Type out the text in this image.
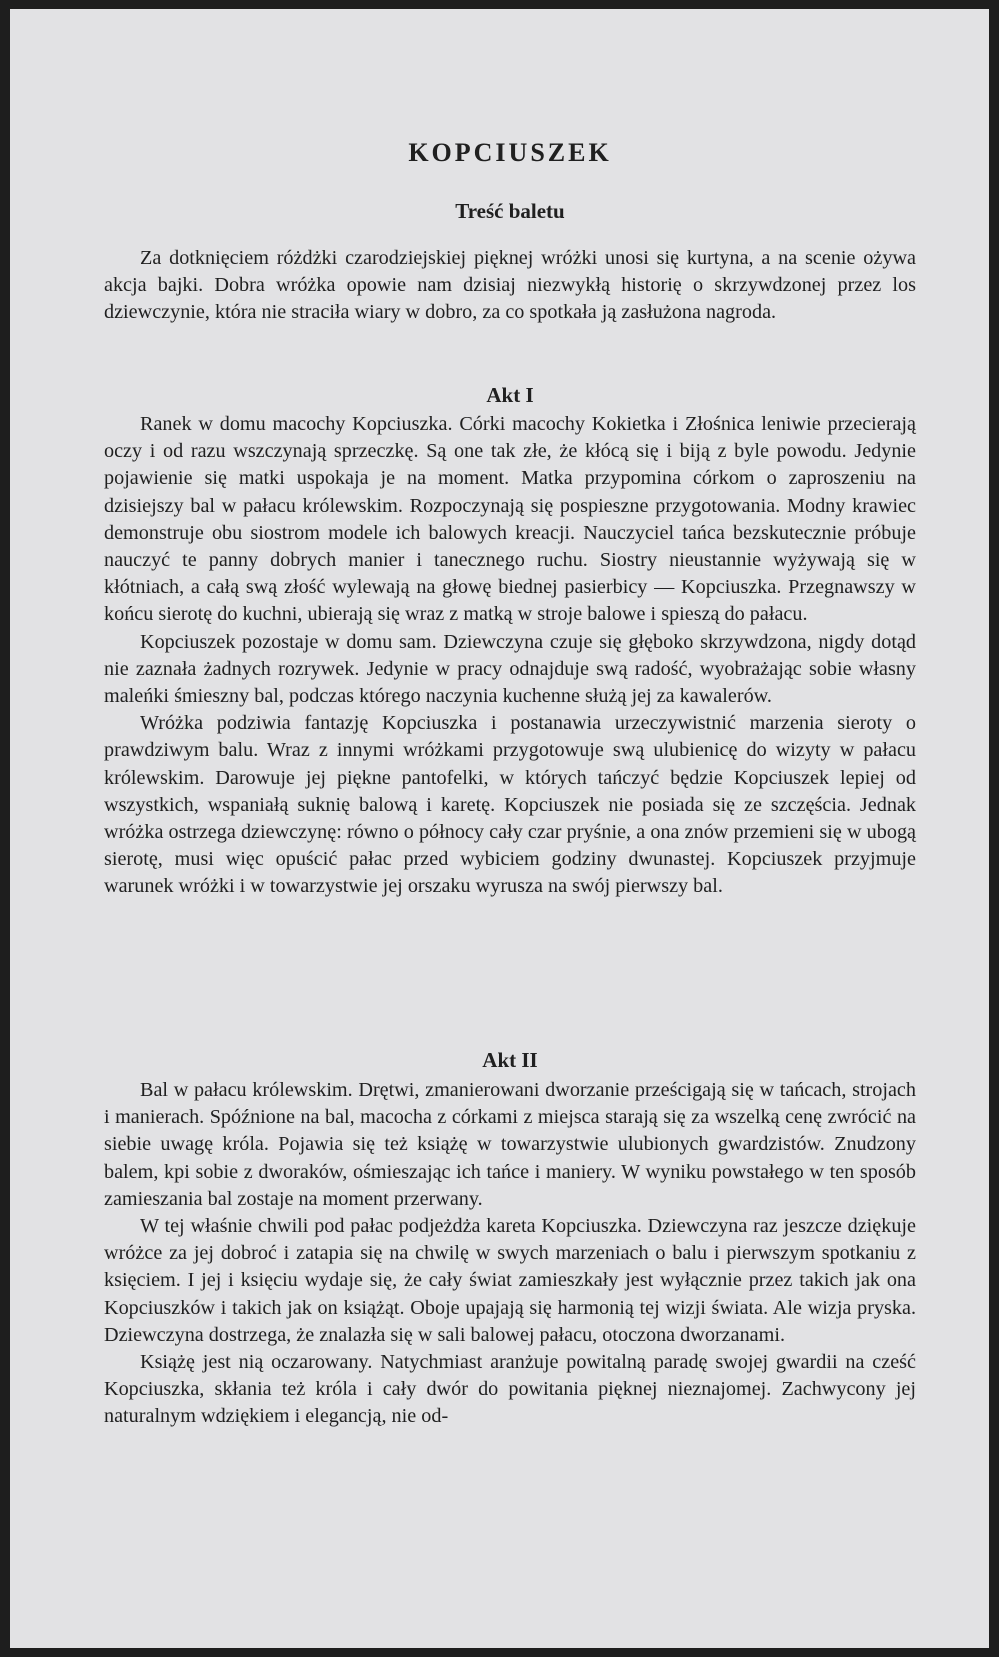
KOPCIUSZEK
Treść baletu

Za dotknięciem różdżki czarodziejskiej pięknej wróżki unosi się kurtyna, a na scenie ożywa akcja bajki. Dobra wróżka opowie nam dzisiaj niezwykłą historię o skrzywdzonej przez los dziewczynie, która nie straciła wiary w dobro, za co spotkała ją zasłużona nagroda.

Akt I

Ranek w domu macochy Kopciuszka. Córki macochy Kokietka i Złośnica leniwie przecierają oczy i od razu wszczynają sprzeczkę. Są one tak złe, że kłócą się i biją z byle powodu. Jedynie pojawienie się matki uspokaja je na moment. Matka przypomina córkom o zaproszeniu na dzisiejszy bal w pałacu królewskim. Rozpoczynają się pospieszne przygotowania. Modny krawiec demonstruje obu siostrom modele ich balowych kreacji. Nauczyciel tańca bezskutecznie próbuje nauczyć te panny dobrych manier i tanecznego ruchu. Siostry nieustannie wyżywają się w kłótniach, a całą swą złość wylewają na głowę biednej pasierbicy — Kopciuszka. Przegnawszy w końcu sierotę do kuchni, ubierają się wraz z matką w stroje balowe i spieszą do pałacu.

Kopciuszek pozostaje w domu sam. Dziewczyna czuje się głęboko skrzywdzona, nigdy dotąd nie zaznała żadnych rozrywek. Jedynie w pracy odnajduje swą radość, wyobrażając sobie własny maleńki śmieszny bal, podczas którego naczynia kuchenne służą jej za kawalerów.

Wróżka podziwia fantazję Kopciuszka i postanawia urzeczywistnić marzenia sieroty o prawdziwym balu. Wraz z innymi wróżkami przygotowuje swą ulubienicę do wizyty w pałacu królewskim. Darowuje jej piękne pantofelki, w których tańczyć będzie Kopciuszek lepiej od wszystkich, wspaniałą suknię balową i karetę. Kopciuszek nie posiada się ze szczęścia. Jednak wróżka ostrzega dziewczynę: równo o północy cały czar pryśnie, a ona znów przemieni się w ubogą sierotę, musi więc opuścić pałac przed wybiciem godziny dwunastej. Kopciuszek przyjmuje warunek wróżki i w towarzystwie jej orszaku wyrusza na swój pierwszy bal.

Akt II

Bal w pałacu królewskim. Drętwi, zmanierowani dworzanie prześcigają się w tańcach, strojach i manierach. Spóźnione na bal, macocha z córkami z miejsca starają się za wszelką cenę zwrócić na siebie uwagę króla. Pojawia się też książę w towarzystwie ulubionych gwardzistów. Znudzony balem, kpi sobie z dworaków, ośmieszając ich tańce i maniery. W wyniku powstałego w ten sposób zamieszania bal zostaje na moment przerwany.

W tej właśnie chwili pod pałac podjeżdża kareta Kopciuszka. Dziewczyna raz jeszcze dziękuje wróżce za jej dobroć i zatapia się na chwilę w swych marzeniach o balu i pierwszym spotkaniu z księciem. I jej i księciu wydaje się, że cały świat zamieszkały jest wyłącznie przez takich jak ona Kopciuszków i takich jak on książąt. Oboje upajają się harmonią tej wizji świata. Ale wizja pryska. Dziewczyna dostrzega, że znalazła się w sali balowej pałacu, otoczona dworzanami.

Książę jest nią oczarowany. Natychmiast aranżuje powitalną paradę swojej gwardii na cześć Kopciuszka, skłania też króla i cały dwór do powitania pięknej nieznajomej. Zachwycony jej naturalnym wdziękiem i elegancją, nie od-
